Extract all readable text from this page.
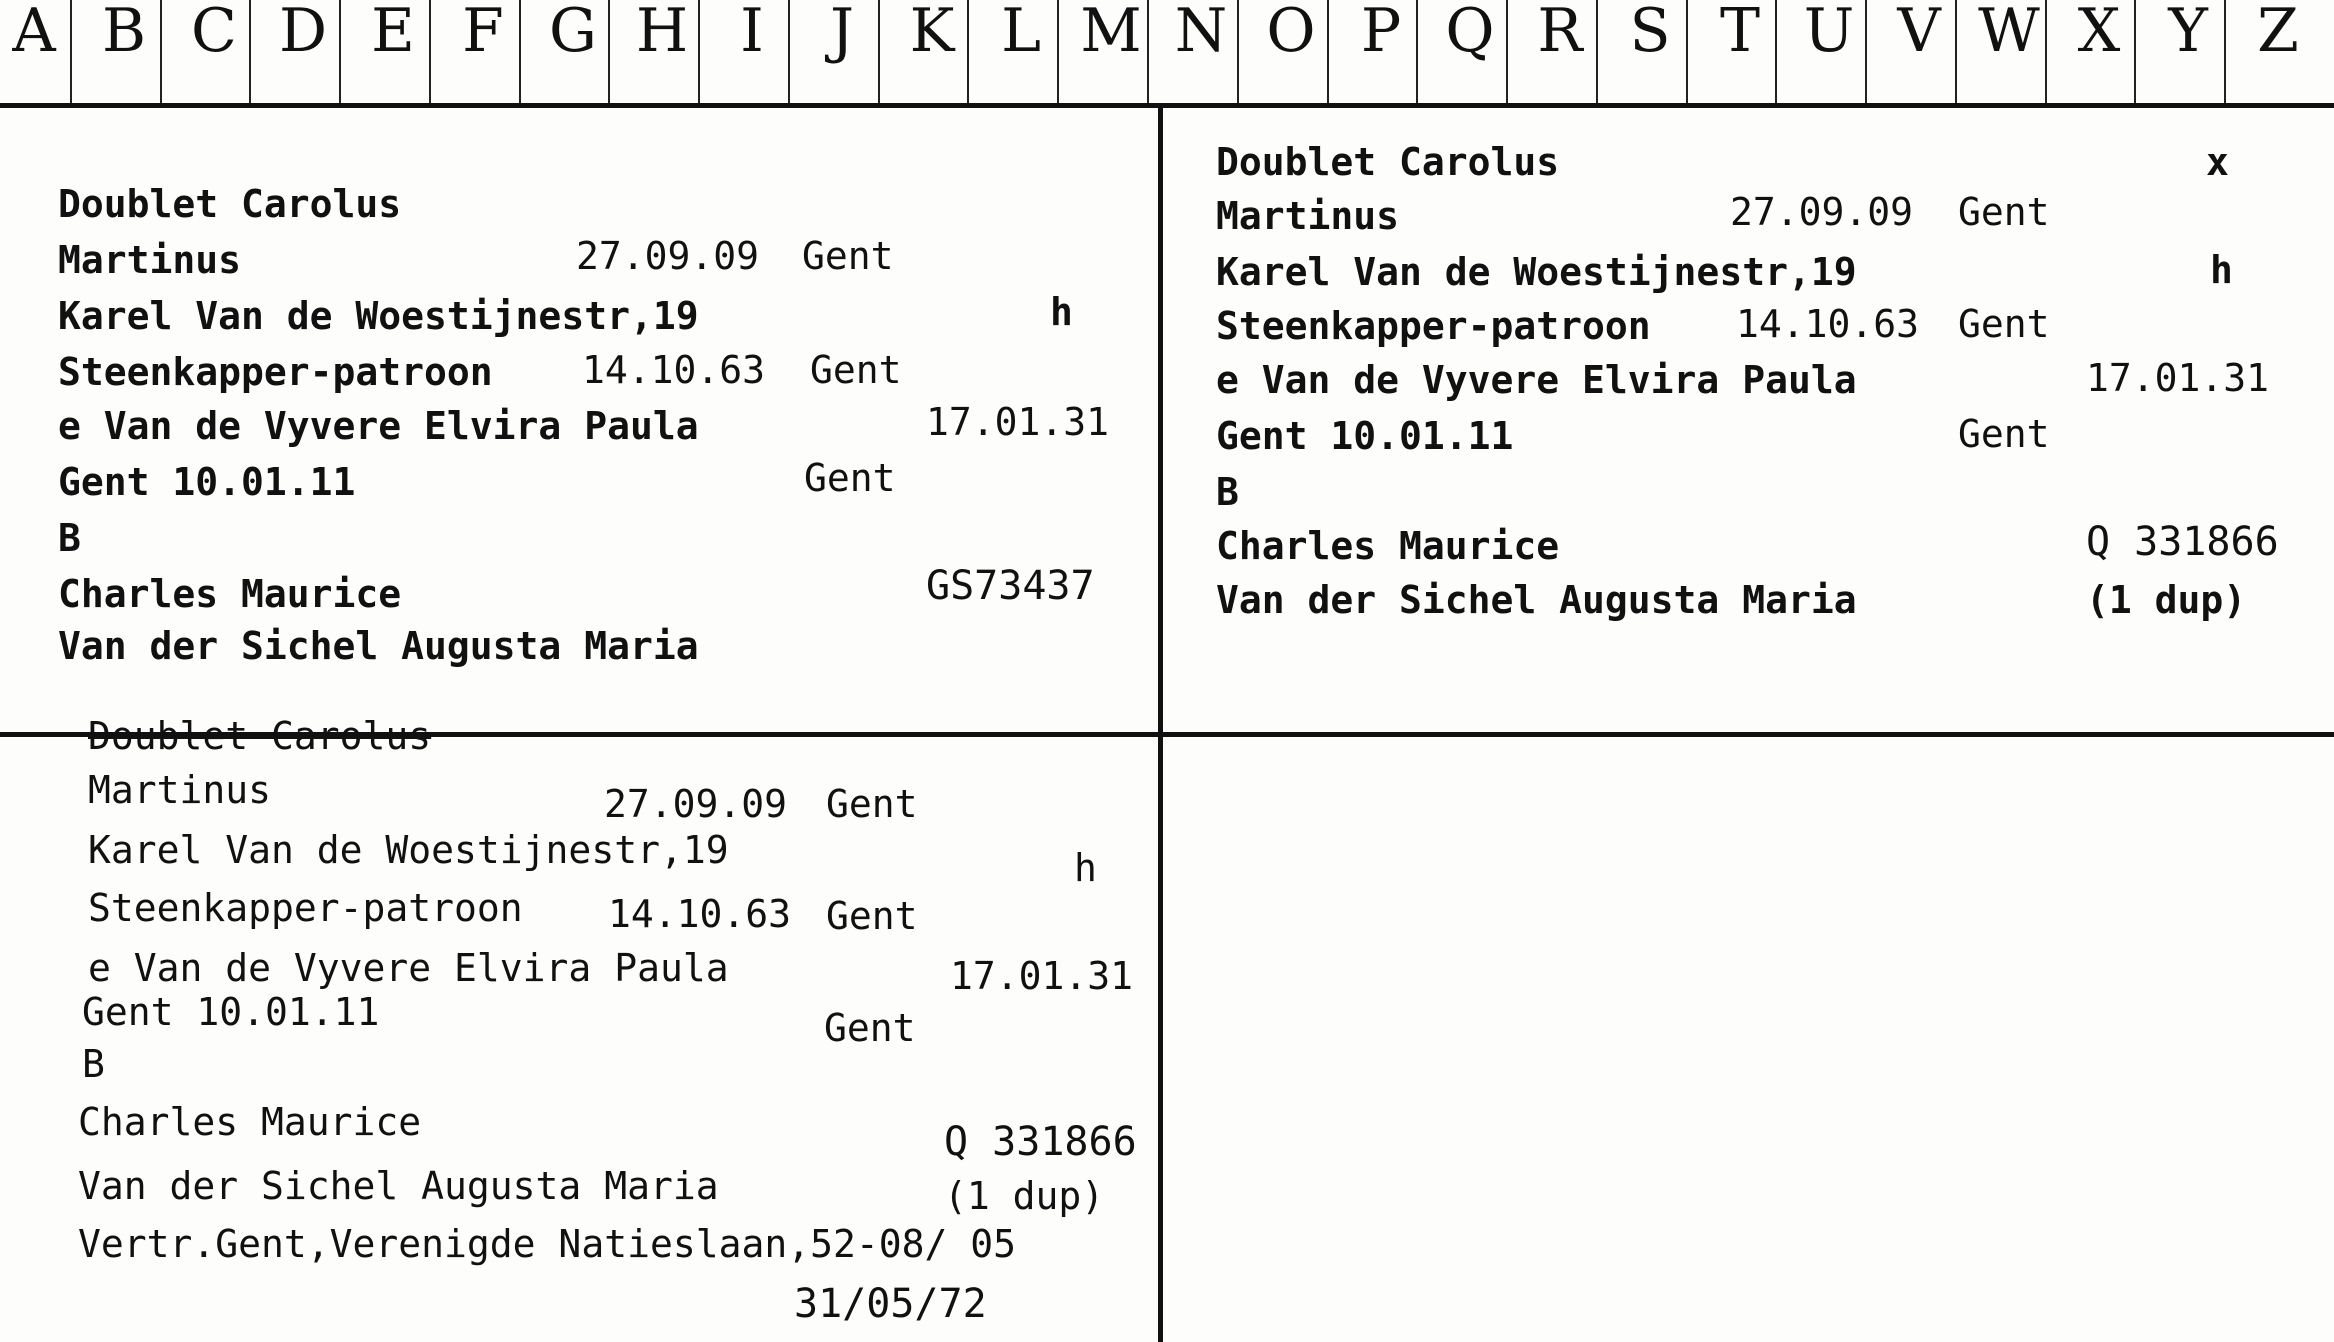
A B C D E F G H I	J K L M N O P Q R S T U V W X Y Z
Doublet Carolus
Martinus	27.09.09 Gent
Karel Van de Woestijnestr,19	h
Steenkapper-patroon 14.10.63 Gent
e Van de Vyvere Elvira Paula	17.01.31
Gent 10.01.11	Gent
B
Charles Maurice	GS73437
Van der Sichel Augusta Maria
Doublet Carolus	x
Martinus	27.09.09 Gent
Karel Van de Woestijnestr,19	h
Steenkapper-patroon 14.10.63 Gent
e Van de Vyvere Elvira Paula	17.01.31
Gent 10.01.11	Gent
B
Charles Maurice	Q 331866
Van der Sichel Augusta Maria	(1 dup)
Doublet Carolus
Martinus	27.09.09 Gent
Karel Van de Woestijnestr,19	h
Steenkapper-patroon 14.10.63 Gent
e Van de Vyvere Elvira Paula	17.01.31
Gent 10.01.11	Gent
B
Charles Maurice	Q 331866
Van der Sichel Augusta Maria	(1 dup)
Vertr.Gent,Verenigde Natieslaan,52-08/ 05
31/05/72
